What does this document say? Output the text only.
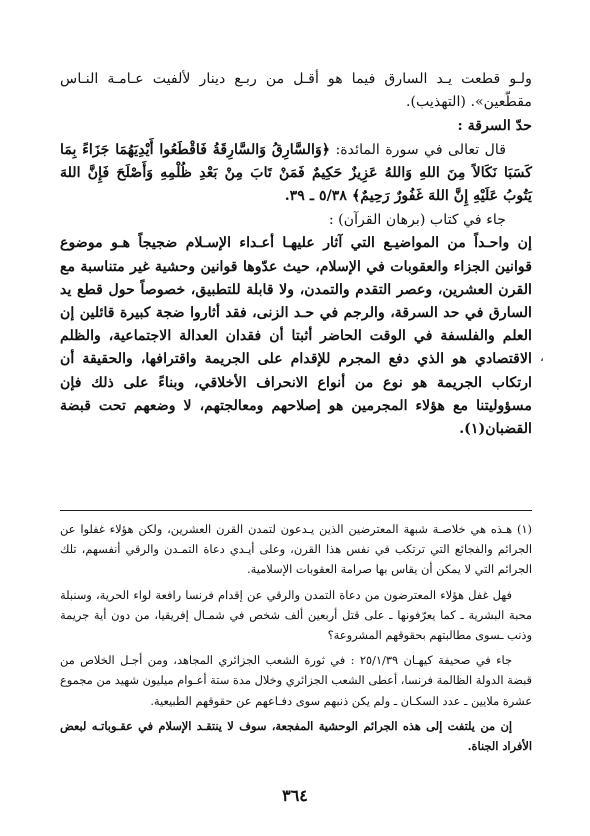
ولـو قطعت يـد السارق فيما هو أقـل من ربـع دينار لألفيت عـامـة النـاس مقطّعين». (التهذيب).

حدّ السرقة :

قال تعالى في سورة المائدة: ﴿وَالسَّارِقُ وَالسَّارِقَةُ فَاقْطَعُوا أَيْدِيَهُمَا جَزَاءً بِمَا كَسَبَا نَكَالاً مِنَ اللهِ وَاللهُ عَزِيزٌ حَكِيمٌ فَمَنْ تَابَ مِنْ بَعْدِ ظُلْمِهِ وَأَصْلَحَ فَإِنَّ اللهَ يَتُوبُ عَلَيْهِ إِنَّ اللهَ غَفُورٌ رَحِيمٌ﴾ ٥/٣٨ ـ ٣٩.

جاء في كتاب (برهان القرآن) :

إن واحـداً من المواضيـع التي آثار عليهـا أعـداء الإسـلام ضجيجاً هـو موضوع قوانين الجزاء والعقوبات في الإسلام، حيث عدّوها قوانين وحشية غير متناسبة مع القرن العشرين، وعصر التقدم والتمدن، ولا قابلة للتطبيق، خصوصاً حول قطع يد السارق في حد السرقة، والرجم في حـد الزنى، فقد أثاروا ضجة كبيرة قائلين إن العلم والفلسفة في الوقت الحاضر أثبتا أن فقدان العدالة الاجتماعية، والظلم الاقتصادي هو الذي دفع المجرم للإقدام على الجريمة واقترافها، والحقيقة أن ارتكاب الجريمة هو نوع من أنواع الانحراف الأخلاقي، وبناءً على ذلك فإن مسؤوليتنا مع هؤلاء المجرمين هو إصلاحهم ومعالجتهم، لا وضعهم تحت قبضة القضبان(١).

،

(١) هـذه هي خلاصـة شبهة المعترضين الذين يـدعون لتمدن القرن العشرين، ولكن هؤلاء غفلوا عن الجرائم والفجائع التي ترتكب في نفس هذا القرن، وعلى أيـدي دعاة التمـدن والرقي أنفسهم، تلك الجرائم التي لا يمكن أن يقاس بها صرامة العقوبات الإسلامية.

فهل غفل هؤلاء المعترضون من دعاة التمدن والرقي عن إقدام فرنسا رافعة لواء الحرية، وسنبلة محبة البشرية ـ كما يعرّفونها ـ على قتل أربعين ألف شخص في شمـال إفريقيا، من دون أية جريمة وذنب ـسوى مطالبتهم بحقوقهم المشروعة؟

جاء في صحيفة كيهـان ٢٥/١/٣٩ : في ثورة الشعب الجزائري المجاهد، ومن أجـل الخلاص من قبضة الدولة الظالمة فرنسا، أعطى الشعب الجزائري وخلال مدة ستة أعـوام ميليون شهيد من مجموع عشرة ملايين ـ عدد السكـان ـ ولم يكن ذنبهم سوى دفـاعهم عن حقوقهم الطبيعية.

إن من يلتفت إلى هذه الجرائم الوحشية المفجعة، سوف لا ينتقـد الإسلام في عقـوباتـه لبعض الأفراد الجناة.

٣٦٤
